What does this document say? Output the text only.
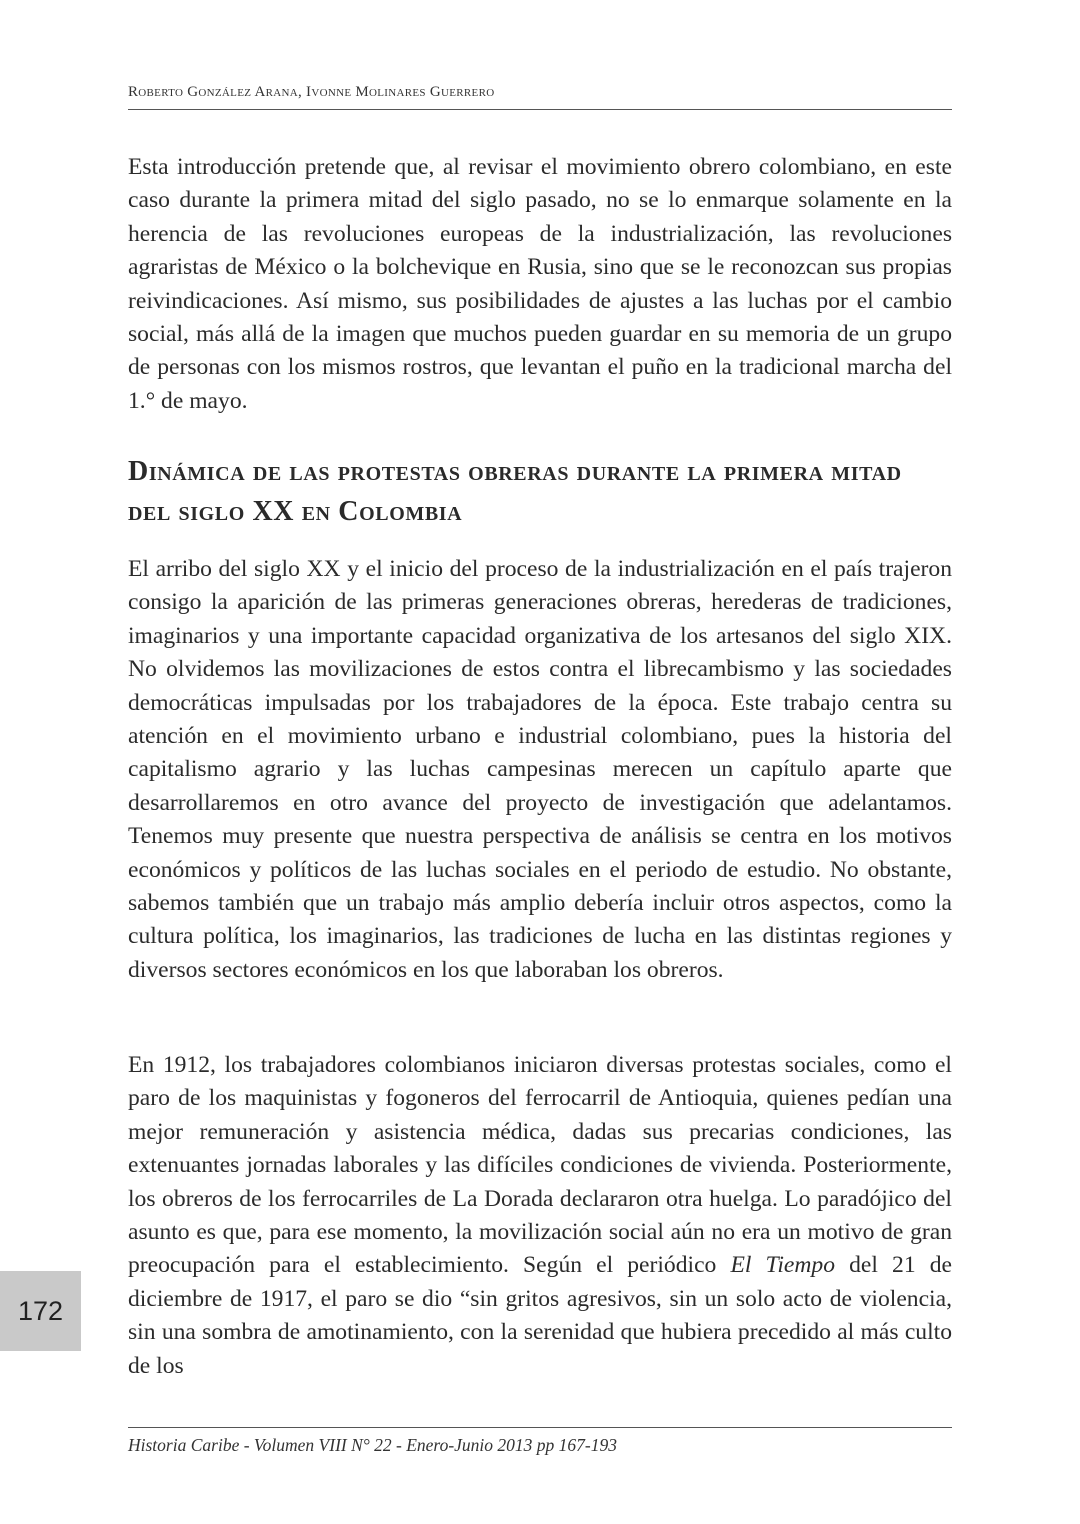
Roberto González Arana, Ivonne Molinares Guerrero

Esta introducción pretende que, al revisar el movimiento obrero colombiano, en este caso durante la primera mitad del siglo pasado, no se lo enmarque solamente en la herencia de las revoluciones europeas de la industrialización, las revoluciones agraristas de México o la bolchevique en Rusia, sino que se le reconozcan sus propias reivindicaciones. Así mismo, sus posibilidades de ajustes a las luchas por el cambio social, más allá de la imagen que muchos pueden guardar en su memoria de un grupo de personas con los mismos rostros, que levantan el puño en la tradicional marcha del 1.° de mayo.

Dinámica de las protestas obreras durante la primera mitad del siglo XX en Colombia

El arribo del siglo XX y el inicio del proceso de la industrialización en el país trajeron consigo la aparición de las primeras generaciones obreras, herederas de tradiciones, imaginarios y una importante capacidad organizativa de los artesanos del siglo XIX. No olvidemos las movilizaciones de estos contra el librecambismo y las sociedades democráticas impulsadas por los trabajadores de la época. Este trabajo centra su atención en el movimiento urbano e industrial colombiano, pues la historia del capitalismo agrario y las luchas campesinas merecen un capítulo aparte que desarrollaremos en otro avance del proyecto de investigación que adelantamos. Tenemos muy presente que nuestra perspectiva de análisis se centra en los motivos económicos y políticos de las luchas sociales en el periodo de estudio. No obstante, sabemos también que un trabajo más amplio debería incluir otros aspectos, como la cultura política, los imaginarios, las tradiciones de lucha en las distintas regiones y diversos sectores económicos en los que laboraban los obreros.

En 1912, los trabajadores colombianos iniciaron diversas protestas sociales, como el paro de los maquinistas y fogoneros del ferrocarril de Antioquia, quienes pedían una mejor remuneración y asistencia médica, dadas sus precarias condiciones, las extenuantes jornadas laborales y las difíciles condiciones de vivienda. Posteriormente, los obreros de los ferrocarriles de La Dorada declararon otra huelga. Lo paradójico del asunto es que, para ese momento, la movilización social aún no era un motivo de gran preocupación para el establecimiento. Según el periódico El Tiempo del 21 de diciembre de 1917, el paro se dio “sin gritos agresivos, sin un solo acto de violencia, sin una sombra de amotinamiento, con la serenidad que hubiera precedido al más culto de los

172
Historia Caribe - Volumen VIII N° 22 - Enero-Junio 2013 pp 167-193
